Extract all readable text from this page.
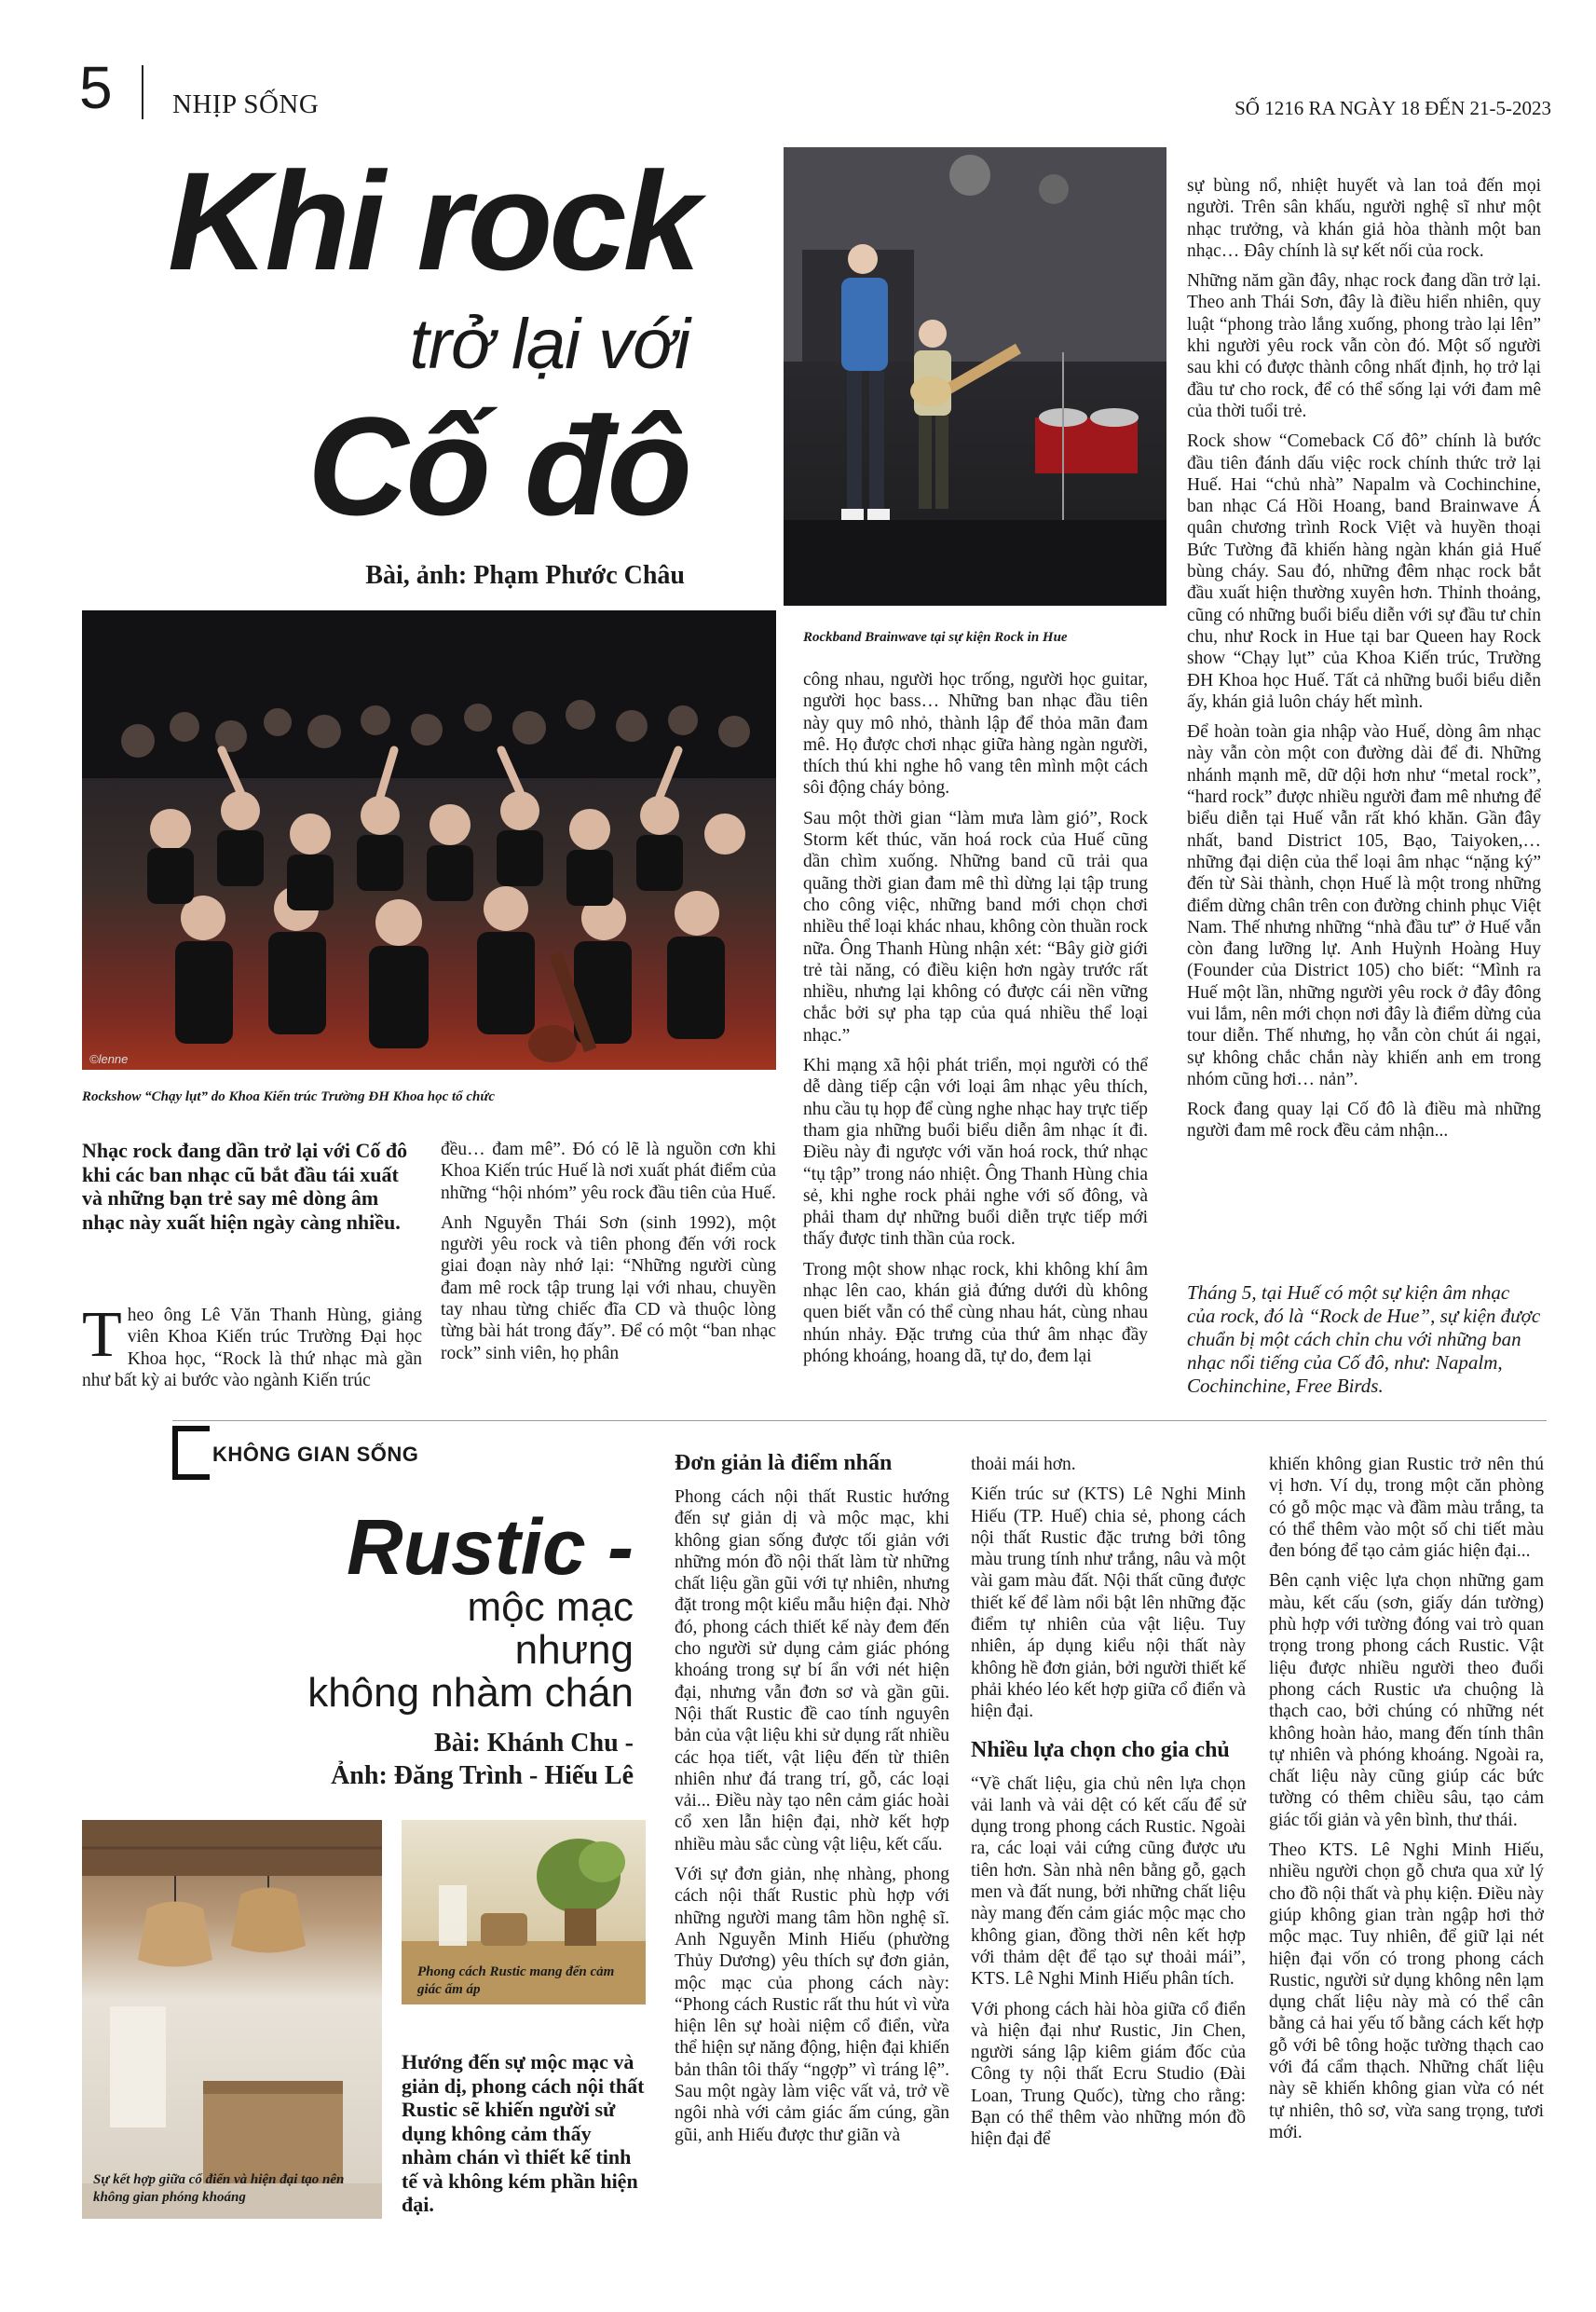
5 NHỊP SỐNG	SỐ 1216 RA NGÀY 18 ĐẾN 21-5-2023
Khi rock
trở lại với
Cố đô
Bài, ảnh: Phạm Phước Châu
©lenne
Rockshow “Chạy lụt” do Khoa Kiến trúc Trường ĐH Khoa học tổ chức
Rockband Brainwave tại sự kiện Rock in Hue
Nhạc rock đang dần trở lại với Cố đô khi các ban nhạc cũ bắt đầu tái xuất và những bạn trẻ say mê dòng âm nhạc này xuất hiện ngày càng nhiều.

Theo ông Lê Văn Thanh Hùng, giảng viên Khoa Kiến trúc Trường Đại học Khoa học, “Rock là thứ nhạc mà gần như bất kỳ ai bước vào ngành Kiến trúc

đều… đam mê”. Đó có lẽ là nguồn cơn khi Khoa Kiến trúc Huế là nơi xuất phát điểm của những “hội nhóm” yêu rock đầu tiên của Huế.

Anh Nguyễn Thái Sơn (sinh 1992), một người yêu rock và tiên phong đến với rock giai đoạn này nhớ lại: “Những người cùng đam mê rock tập trung lại với nhau, chuyền tay nhau từng chiếc đĩa CD và thuộc lòng từng bài hát trong đấy”. Để có một “ban nhạc rock” sinh viên, họ phân

công nhau, người học trống, người học guitar, người học bass… Những ban nhạc đầu tiên này quy mô nhỏ, thành lập để thỏa mãn đam mê. Họ được chơi nhạc giữa hàng ngàn người, thích thú khi nghe hô vang tên mình một cách sôi động cháy bỏng.

Sau một thời gian “làm mưa làm gió”, Rock Storm kết thúc, văn hoá rock của Huế cũng dần chìm xuống. Những band cũ trải qua quãng thời gian đam mê thì dừng lại tập trung cho công việc, những band mới chọn chơi nhiều thể loại khác nhau, không còn thuần rock nữa. Ông Thanh Hùng nhận xét: “Bây giờ giới trẻ tài năng, có điều kiện hơn ngày trước rất nhiều, nhưng lại không có được cái nền vững chắc bởi sự pha tạp của quá nhiều thể loại nhạc.”

Khi mạng xã hội phát triển, mọi người có thể dễ dàng tiếp cận với loại âm nhạc yêu thích, nhu cầu tụ họp để cùng nghe nhạc hay trực tiếp tham gia những buổi biểu diễn âm nhạc ít đi. Điều này đi ngược với văn hoá rock, thứ nhạc “tụ tập” trong náo nhiệt. Ông Thanh Hùng chia sẻ, khi nghe rock phải nghe với số đông, và phải tham dự những buổi diễn trực tiếp mới thấy được tinh thần của rock.

Trong một show nhạc rock, khi không khí âm nhạc lên cao, khán giả đứng dưới dù không quen biết vẫn có thể cùng nhau hát, cùng nhau nhún nhảy. Đặc trưng của thứ âm nhạc đầy phóng khoáng, hoang dã, tự do, đem lại

sự bùng nổ, nhiệt huyết và lan toả đến mọi người. Trên sân khấu, người nghệ sĩ như một nhạc trưởng, và khán giả hòa thành một ban nhạc… Đây chính là sự kết nối của rock.

Những năm gần đây, nhạc rock đang dần trở lại. Theo anh Thái Sơn, đây là điều hiển nhiên, quy luật “phong trào lắng xuống, phong trào lại lên” khi người yêu rock vẫn còn đó. Một số người sau khi có được thành công nhất định, họ trở lại đầu tư cho rock, để có thể sống lại với đam mê của thời tuổi trẻ.

Rock show “Comeback Cố đô” chính là bước đầu tiên đánh dấu việc rock chính thức trở lại Huế. Hai “chủ nhà” Napalm và Cochinchine, ban nhạc Cá Hồi Hoang, band Brainwave Á quân chương trình Rock Việt và huyền thoại Bức Tường đã khiến hàng ngàn khán giả Huế bùng cháy. Sau đó, những đêm nhạc rock bắt đầu xuất hiện thường xuyên hơn. Thỉnh thoảng, cũng có những buổi biểu diễn với sự đầu tư chỉn chu, như Rock in Hue tại bar Queen hay Rock show “Chạy lụt” của Khoa Kiến trúc, Trường ĐH Khoa học Huế. Tất cả những buổi biểu diễn ấy, khán giả luôn cháy hết mình.

Để hoàn toàn gia nhập vào Huế, dòng âm nhạc này vẫn còn một con đường dài để đi. Những nhánh mạnh mẽ, dữ dội hơn như “metal rock”, “hard rock” được nhiều người đam mê nhưng để biểu diễn tại Huế vẫn rất khó khăn. Gần đây nhất, band District 105, Bạo, Taiyoken,… những đại diện của thể loại âm nhạc “nặng ký” đến từ Sài thành, chọn Huế là một trong những điểm dừng chân trên con đường chinh phục Việt Nam. Thế nhưng những “nhà đầu tư” ở Huế vẫn còn đang lưỡng lự. Anh Huỳnh Hoàng Huy (Founder của District 105) cho biết: “Mình ra Huế một lần, những người yêu rock ở đây đông vui lắm, nên mới chọn nơi đây là điểm dừng của tour diễn. Thế nhưng, họ vẫn còn chút ái ngại, sự không chắc chắn này khiến anh em trong nhóm cũng hơi… nản”.

Rock đang quay lại Cố đô là điều mà những người đam mê rock đều cảm nhận...

Tháng 5, tại Huế có một sự kiện âm nhạc của rock, đó là “Rock de Hue”, sự kiện được chuẩn bị một cách chỉn chu với những ban nhạc nổi tiếng của Cố đô, như: Napalm, Cochinchine, Free Birds.
KHÔNG GIAN SỐNG
Rustic -
mộc mạc
nhưng
không nhàm chán
Bài: Khánh Chu -
Ảnh: Đăng Trình - Hiếu Lê
Sự kết hợp giữa cổ điển và hiện đại tạo nên không gian phóng khoáng
Phong cách Rustic mang đến cảm giác ấm áp
Hướng đến sự mộc mạc và giản dị, phong cách nội thất Rustic sẽ khiến người sử dụng không cảm thấy nhàm chán vì thiết kế tinh tế và không kém phần hiện đại.
Đơn giản là điểm nhấn

Phong cách nội thất Rustic hướng đến sự giản dị và mộc mạc, khi không gian sống được tối giản với những món đồ nội thất làm từ những chất liệu gần gũi với tự nhiên, nhưng đặt trong một kiểu mẫu hiện đại. Nhờ đó, phong cách thiết kế này đem đến cho người sử dụng cảm giác phóng khoáng trong sự bí ẩn với nét hiện đại, nhưng vẫn đơn sơ và gần gũi. Nội thất Rustic đề cao tính nguyên bản của vật liệu khi sử dụng rất nhiều các họa tiết, vật liệu đến từ thiên nhiên như đá trang trí, gỗ, các loại vải... Điều này tạo nên cảm giác hoài cổ xen lẫn hiện đại, nhờ kết hợp nhiều màu sắc cùng vật liệu, kết cấu.

Với sự đơn giản, nhẹ nhàng, phong cách nội thất Rustic phù hợp với những người mang tâm hồn nghệ sĩ. Anh Nguyễn Minh Hiếu (phường Thủy Dương) yêu thích sự đơn giản, mộc mạc của phong cách này: “Phong cách Rustic rất thu hút vì vừa hiện lên sự hoài niệm cổ điển, vừa thể hiện sự năng động, hiện đại khiến bản thân tôi thấy “ngợp” vì tráng lệ”. Sau một ngày làm việc vất vả, trở về ngôi nhà với cảm giác ấm cúng, gần gũi, anh Hiếu được thư giãn và

thoải mái hơn.

Kiến trúc sư (KTS) Lê Nghi Minh Hiếu (TP. Huế) chia sẻ, phong cách nội thất Rustic đặc trưng bởi tông màu trung tính như trắng, nâu và một vài gam màu đất. Nội thất cũng được thiết kế để làm nổi bật lên những đặc điểm tự nhiên của vật liệu. Tuy nhiên, áp dụng kiểu nội thất này không hề đơn giản, bởi người thiết kế phải khéo léo kết hợp giữa cổ điển và hiện đại.

Nhiều lựa chọn cho gia chủ

“Về chất liệu, gia chủ nên lựa chọn vải lanh và vải dệt có kết cấu để sử dụng trong phong cách Rustic. Ngoài ra, các loại vải cứng cũng được ưu tiên hơn. Sàn nhà nên bằng gỗ, gạch men và đất nung, bởi những chất liệu này mang đến cảm giác mộc mạc cho không gian, đồng thời nên kết hợp với thảm dệt để tạo sự thoải mái”, KTS. Lê Nghi Minh Hiếu phân tích.

Với phong cách hài hòa giữa cổ điển và hiện đại như Rustic, Jin Chen, người sáng lập kiêm giám đốc của Công ty nội thất Ecru Studio (Đài Loan, Trung Quốc), từng cho rằng: Bạn có thể thêm vào những món đồ hiện đại để

khiến không gian Rustic trở nên thú vị hơn. Ví dụ, trong một căn phòng có gỗ mộc mạc và đầm màu trắng, ta có thể thêm vào một số chi tiết màu đen bóng để tạo cảm giác hiện đại...

Bên cạnh việc lựa chọn những gam màu, kết cấu (sơn, giấy dán tường) phù hợp với tường đóng vai trò quan trọng trong phong cách Rustic. Vật liệu được nhiều người theo đuổi phong cách Rustic ưa chuộng là thạch cao, bởi chúng có những nét không hoàn hảo, mang đến tính thân tự nhiên và phóng khoáng. Ngoài ra, chất liệu này cũng giúp các bức tường có thêm chiều sâu, tạo cảm giác tối giản và yên bình, thư thái.

Theo KTS. Lê Nghi Minh Hiếu, nhiều người chọn gỗ chưa qua xử lý cho đồ nội thất và phụ kiện. Điều này giúp không gian tràn ngập hơi thở mộc mạc. Tuy nhiên, để giữ lại nét hiện đại vốn có trong phong cách Rustic, người sử dụng không nên lạm dụng chất liệu này mà có thể cân bằng cả hai yếu tố bằng cách kết hợp gỗ với bê tông hoặc tường thạch cao với đá cẩm thạch. Những chất liệu này sẽ khiến không gian vừa có nét tự nhiên, thô sơ, vừa sang trọng, tươi mới.
